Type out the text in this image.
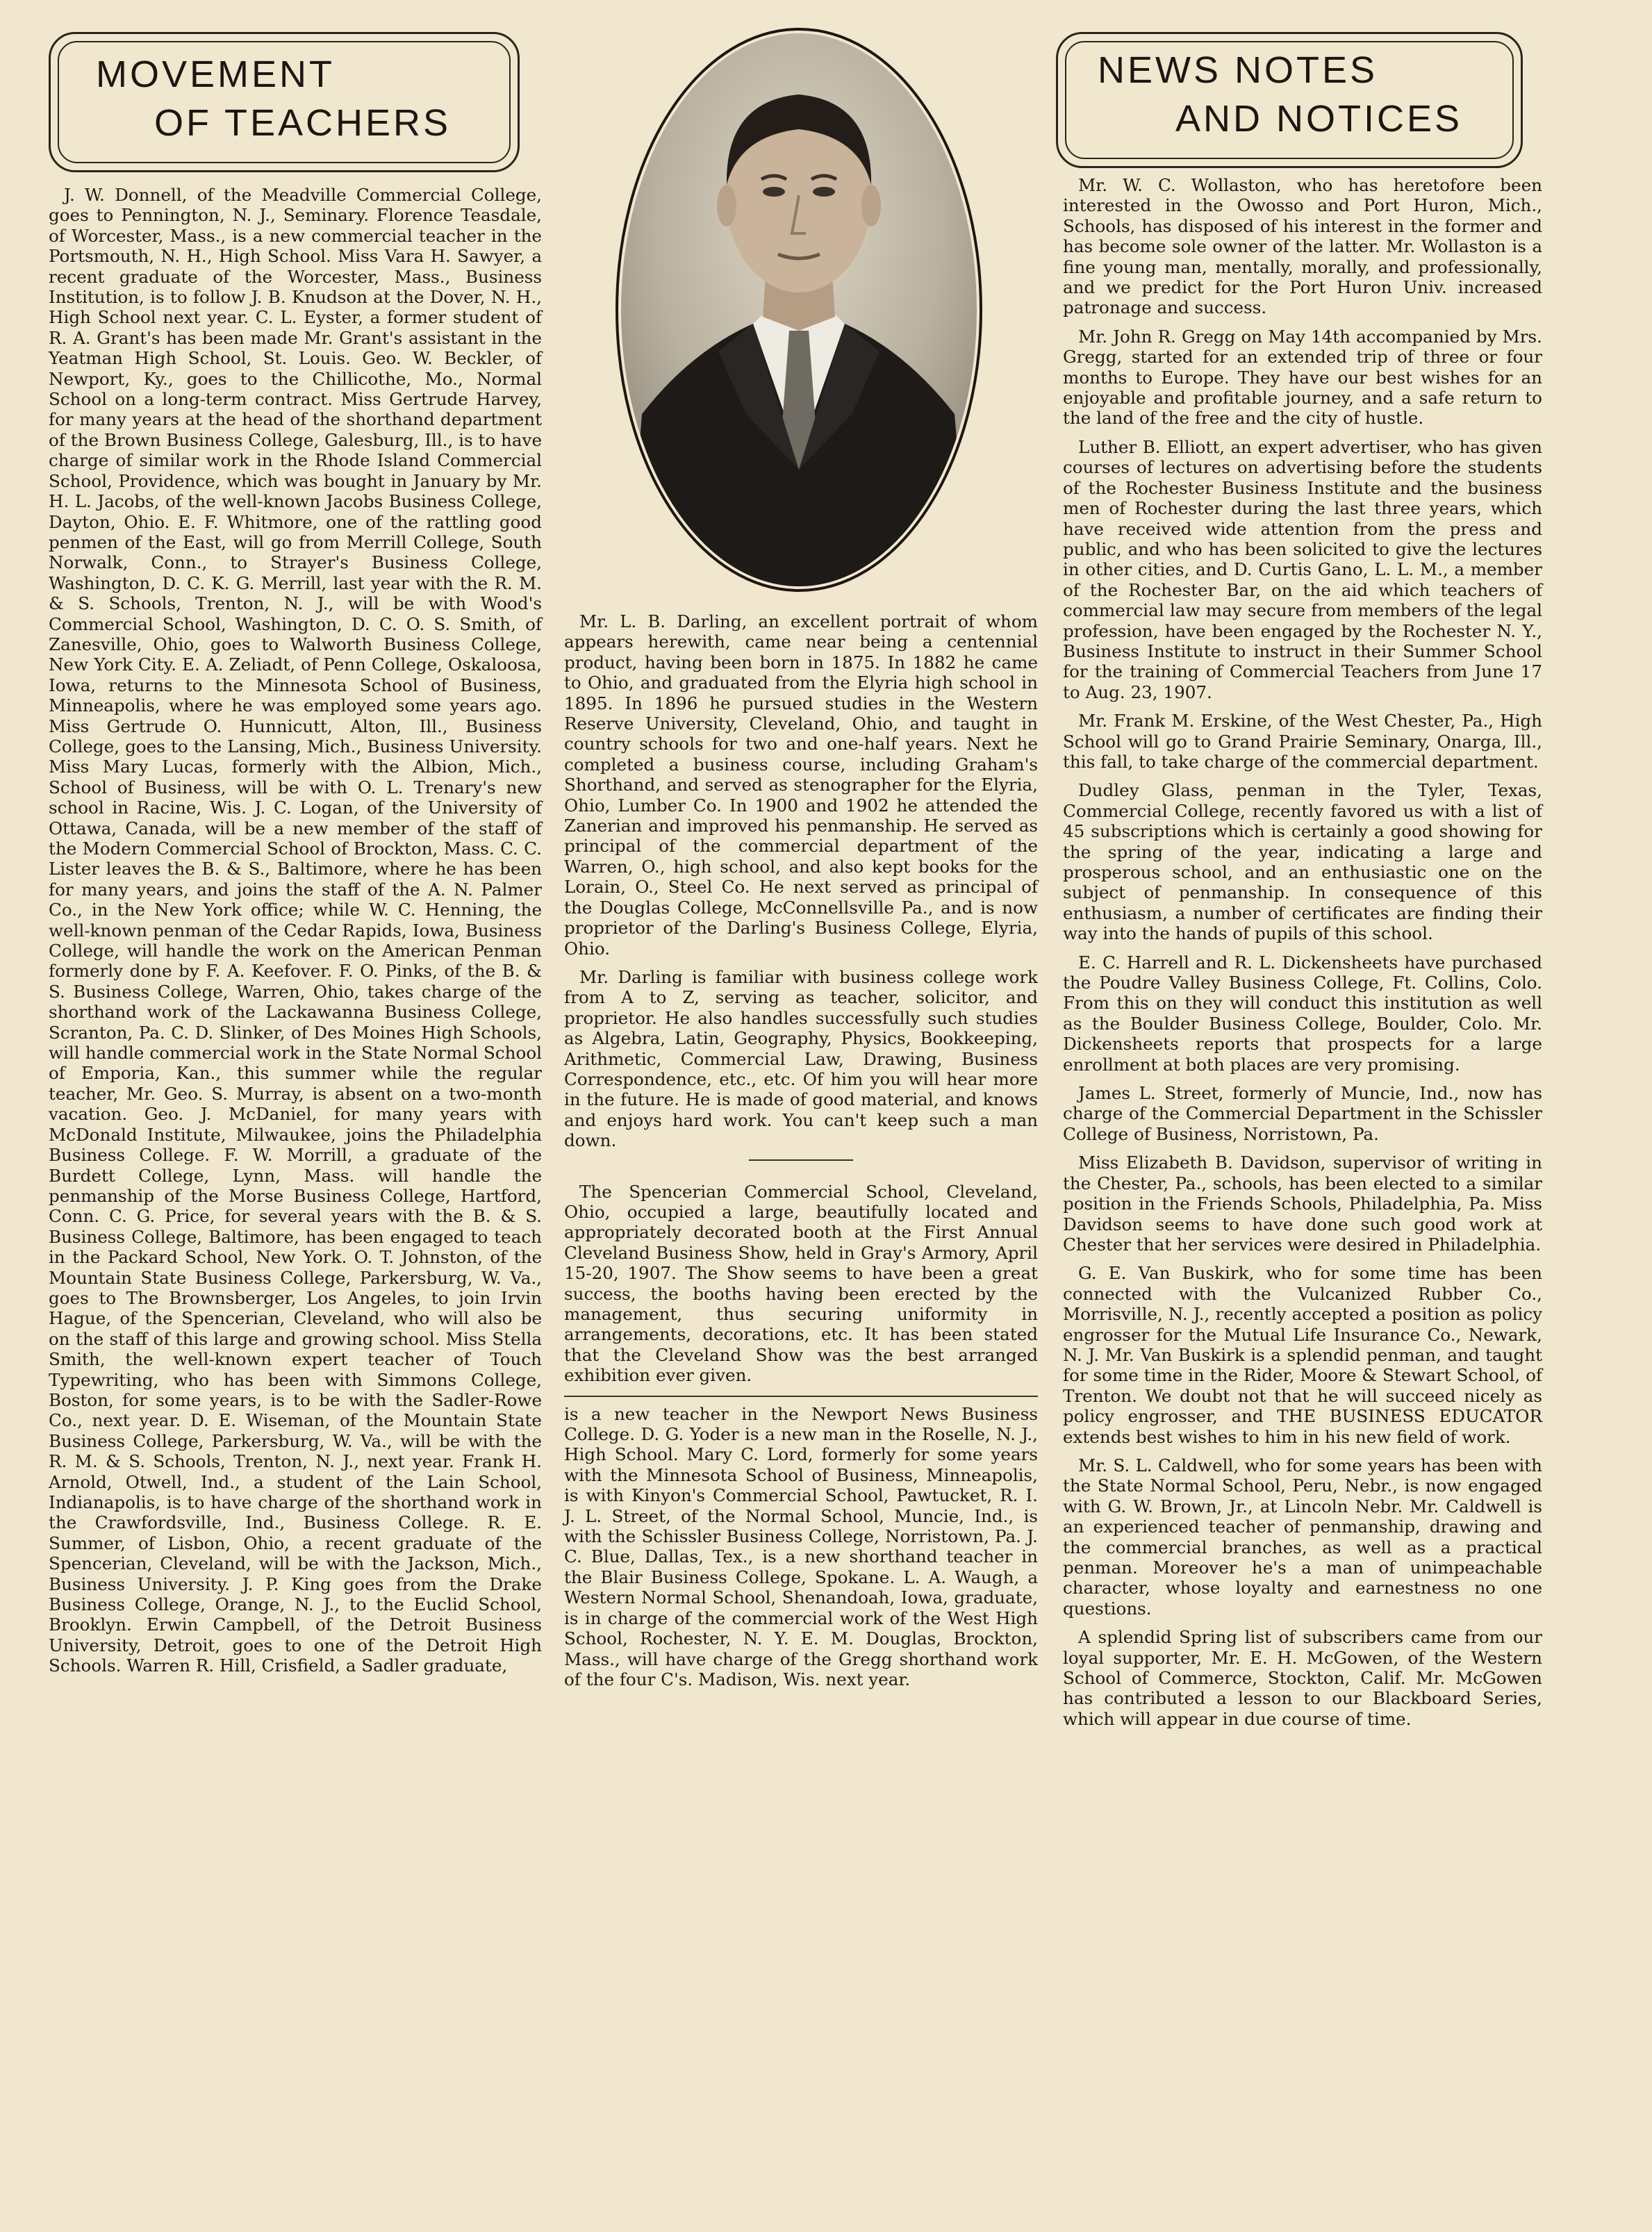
MOVEMENT
OF TEACHERS

J. W. Donnell, of the Meadville Commercial College, goes to Pennington, N. J., Seminary. Florence Teasdale, of Worcester, Mass., is a new commercial teacher in the Portsmouth, N. H., High School. Miss Vara H. Sawyer, a recent graduate of the Worcester, Mass., Business Institution, is to follow J. B. Knudson at the Dover, N. H., High School next year. C. L. Eyster, a former student of R. A. Grant's has been made Mr. Grant's assistant in the Yeatman High School, St. Louis. Geo. W. Beckler, of Newport, Ky., goes to the Chillicothe, Mo., Normal School on a long-term contract. Miss Gertrude Harvey, for many years at the head of the shorthand department of the Brown Business College, Galesburg, Ill., is to have charge of similar work in the Rhode Island Commercial School, Providence, which was bought in January by Mr. H. L. Jacobs, of the well-known Jacobs Business College, Dayton, Ohio. E. F. Whitmore, one of the rattling good penmen of the East, will go from Merrill College, South Norwalk, Conn., to Strayer's Business College, Washington, D. C. K. G. Merrill, last year with the R. M. & S. Schools, Trenton, N. J., will be with Wood's Commercial School, Washington, D. C. O. S. Smith, of Zanesville, Ohio, goes to Walworth Business College, New York City. E. A. Zeliadt, of Penn College, Oskaloosa, Iowa, returns to the Minnesota School of Business, Minneapolis, where he was employed some years ago. Miss Gertrude O. Hunnicutt, Alton, Ill., Business College, goes to the Lansing, Mich., Business University. Miss Mary Lucas, formerly with the Albion, Mich., School of Business, will be with O. L. Trenary's new school in Racine, Wis. J. C. Logan, of the University of Ottawa, Canada, will be a new member of the staff of the Modern Commercial School of Brockton, Mass. C. C. Lister leaves the B. & S., Baltimore, where he has been for many years, and joins the staff of the A. N. Palmer Co., in the New York office; while W. C. Henning, the well-known penman of the Cedar Rapids, Iowa, Business College, will handle the work on the American Penman formerly done by F. A. Keefover. F. O. Pinks, of the B. & S. Business College, Warren, Ohio, takes charge of the shorthand work of the Lackawanna Business College, Scranton, Pa. C. D. Slinker, of Des Moines High Schools, will handle commercial work in the State Normal School of Emporia, Kan., this summer while the regular teacher, Mr. Geo. S. Murray, is absent on a two-month vacation. Geo. J. McDaniel, for many years with McDonald Institute, Milwaukee, joins the Philadelphia Business College. F. W. Morrill, a graduate of the Burdett College, Lynn, Mass. will handle the penmanship of the Morse Business College, Hartford, Conn. C. G. Price, for several years with the B. & S. Business College, Baltimore, has been engaged to teach in the Packard School, New York. O. T. Johnston, of the Mountain State Business College, Parkersburg, W. Va., goes to The Brownsberger, Los Angeles, to join Irvin Hague, of the Spencerian, Cleveland, who will also be on the staff of this large and growing school. Miss Stella Smith, the well-known expert teacher of Touch Typewriting, who has been with Simmons College, Boston, for some years, is to be with the Sadler-Rowe Co., next year. D. E. Wiseman, of the Mountain State Business College, Parkersburg, W. Va., will be with the R. M. & S. Schools, Trenton, N. J., next year. Frank H. Arnold, Otwell, Ind., a student of the Lain School, Indianapolis, is to have charge of the shorthand work in the Crawfordsville, Ind., Business College. R. E. Summer, of Lisbon, Ohio, a recent graduate of the Spencerian, Cleveland, will be with the Jackson, Mich., Business University. J. P. King goes from the Drake Business College, Orange, N. J., to the Euclid School, Brooklyn. Erwin Campbell, of the Detroit Business University, Detroit, goes to one of the Detroit High Schools. Warren R. Hill, Crisfield, a Sadler graduate,

Mr. L. B. Darling, an excellent portrait of whom appears herewith, came near being a centennial product, having been born in 1875. In 1882 he came to Ohio, and graduated from the Elyria high school in 1895. In 1896 he pursued studies in the Western Reserve University, Cleveland, Ohio, and taught in country schools for two and one-half years. Next he completed a business course, including Graham's Shorthand, and served as stenographer for the Elyria, Ohio, Lumber Co. In 1900 and 1902 he attended the Zanerian and improved his penmanship. He served as principal of the commercial department of the Warren, O., high school, and also kept books for the Lorain, O., Steel Co. He next served as principal of the Douglas College, McConnellsville Pa., and is now proprietor of the Darling's Business College, Elyria, Ohio.

Mr. Darling is familiar with business college work from A to Z, serving as teacher, solicitor, and proprietor. He also handles successfully such studies as Algebra, Latin, Geography, Physics, Bookkeeping, Arithmetic, Commercial Law, Drawing, Business Correspondence, etc., etc. Of him you will hear more in the future. He is made of good material, and knows and enjoys hard work. You can't keep such a man down.

The Spencerian Commercial School, Cleveland, Ohio, occupied a large, beautifully located and appropriately decorated booth at the First Annual Cleveland Business Show, held in Gray's Armory, April 15-20, 1907. The Show seems to have been a great success, the booths having been erected by the management, thus securing uniformity in arrangements, decorations, etc. It has been stated that the Cleveland Show was the best arranged exhibition ever given.

is a new teacher in the Newport News Business College. D. G. Yoder is a new man in the Roselle, N. J., High School. Mary C. Lord, formerly for some years with the Minnesota School of Business, Minneapolis, is with Kinyon's Commercial School, Pawtucket, R. I. J. L. Street, of the Normal School, Muncie, Ind., is with the Schissler Business College, Norristown, Pa. J. C. Blue, Dallas, Tex., is a new shorthand teacher in the Blair Business College, Spokane. L. A. Waugh, a Western Normal School, Shenandoah, Iowa, graduate, is in charge of the commercial work of the West High School, Rochester, N. Y. E. M. Douglas, Brockton, Mass., will have charge of the Gregg shorthand work of the four C's. Madison, Wis. next year.

NEWS NOTES
AND NOTICES

Mr. W. C. Wollaston, who has heretofore been interested in the Owosso and Port Huron, Mich., Schools, has disposed of his interest in the former and has become sole owner of the latter. Mr. Wollaston is a fine young man, mentally, morally, and professionally, and we predict for the Port Huron Univ. increased patronage and success.

Mr. John R. Gregg on May 14th accompanied by Mrs. Gregg, started for an extended trip of three or four months to Europe. They have our best wishes for an enjoyable and profitable journey, and a safe return to the land of the free and the city of hustle.

Luther B. Elliott, an expert advertiser, who has given courses of lectures on advertising before the students of the Rochester Business Institute and the business men of Rochester during the last three years, which have received wide attention from the press and public, and who has been solicited to give the lectures in other cities, and D. Curtis Gano, L. L. M., a member of the Rochester Bar, on the aid which teachers of commercial law may secure from members of the legal profession, have been engaged by the Rochester N. Y., Business Institute to instruct in their Summer School for the training of Commercial Teachers from June 17 to Aug. 23, 1907.

Mr. Frank M. Erskine, of the West Chester, Pa., High School will go to Grand Prairie Seminary, Onarga, Ill., this fall, to take charge of the commercial department.

Dudley Glass, penman in the Tyler, Texas, Commercial College, recently favored us with a list of 45 subscriptions which is certainly a good showing for the spring of the year, indicating a large and prosperous school, and an enthusiastic one on the subject of penmanship. In consequence of this enthusiasm, a number of certificates are finding their way into the hands of pupils of this school.

E. C. Harrell and R. L. Dickensheets have purchased the Poudre Valley Business College, Ft. Collins, Colo. From this on they will conduct this institution as well as the Boulder Business College, Boulder, Colo. Mr. Dickensheets reports that prospects for a large enrollment at both places are very promising.

James L. Street, formerly of Muncie, Ind., now has charge of the Commercial Department in the Schissler College of Business, Norristown, Pa.

Miss Elizabeth B. Davidson, supervisor of writing in the Chester, Pa., schools, has been elected to a similar position in the Friends Schools, Philadelphia, Pa. Miss Davidson seems to have done such good work at Chester that her services were desired in Philadelphia.

G. E. Van Buskirk, who for some time has been connected with the Vulcanized Rubber Co., Morrisville, N. J., recently accepted a position as policy engrosser for the Mutual Life Insurance Co., Newark, N. J. Mr. Van Buskirk is a splendid penman, and taught for some time in the Rider, Moore & Stewart School, of Trenton. We doubt not that he will succeed nicely as policy engrosser, and THE BUSINESS EDUCATOR extends best wishes to him in his new field of work.

Mr. S. L. Caldwell, who for some years has been with the State Normal School, Peru, Nebr., is now engaged with G. W. Brown, Jr., at Lincoln Nebr. Mr. Caldwell is an experienced teacher of penmanship, drawing and the commercial branches, as well as a practical penman. Moreover he's a man of unimpeachable character, whose loyalty and earnestness no one questions.

A splendid Spring list of subscribers came from our loyal supporter, Mr. E. H. McGowen, of the Western School of Commerce, Stockton, Calif. Mr. McGowen has contributed a lesson to our Blackboard Series, which will appear in due course of time.
